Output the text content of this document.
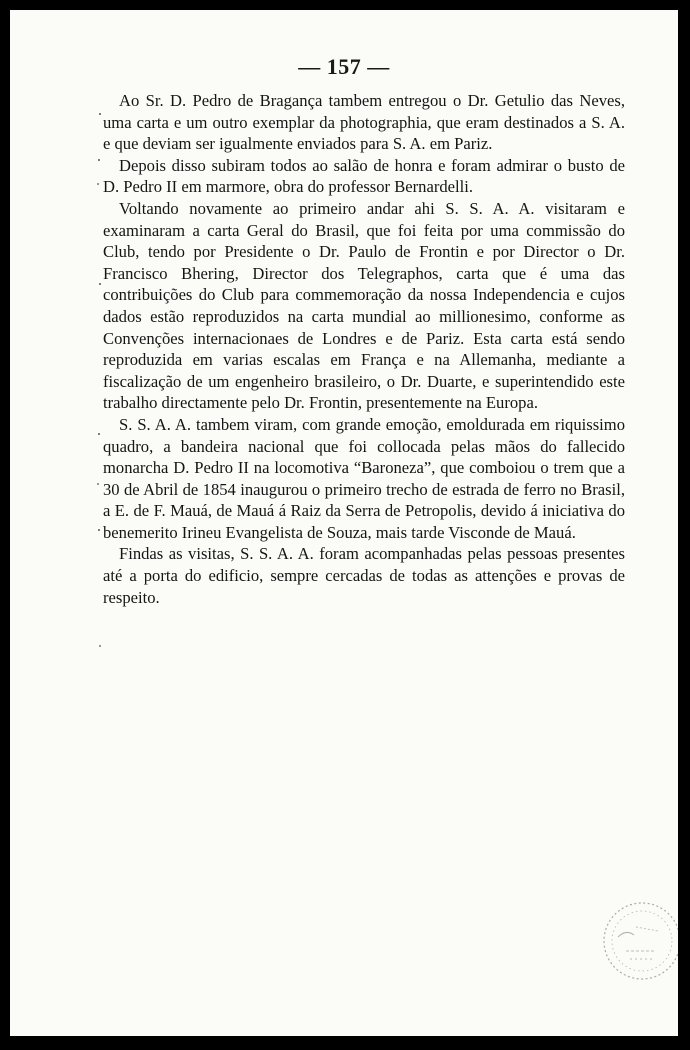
— 157 —

Ao Sr. D. Pedro de Bragança tambem entregou o Dr. Getulio das Neves, uma carta e um outro exemplar da photographia, que eram destinados a S. A. e que deviam ser igualmente enviados para S. A. em Pariz.

Depois disso subiram todos ao salão de honra e foram admirar o busto de D. Pedro II em marmore, obra do professor Bernardelli.

Voltando novamente ao primeiro andar ahi S. S. A. A. visitaram e examinaram a carta Geral do Brasil, que foi feita por uma commissão do Club, tendo por Presidente o Dr. Paulo de Frontin e por Director o Dr. Francisco Bhering, Director dos Telegraphos, carta que é uma das contribuições do Club para commemoração da nossa Independencia e cujos dados estão reproduzidos na carta mundial ao millionesimo, conforme as Convenções internacionaes de Londres e de Pariz. Esta carta está sendo reproduzida em varias escalas em França e na Allemanha, mediante a fiscalização de um engenheiro brasileiro, o Dr. Duarte, e superintendido este trabalho directamente pelo Dr. Frontin, presentemente na Europa.

S. S. A. A. tambem viram, com grande emoção, emoldurada em riquissimo quadro, a bandeira nacional que foi collocada pelas mãos do fallecido monarcha D. Pedro II na locomotiva “Baroneza”, que comboiou o trem que a 30 de Abril de 1854 inaugurou o primeiro trecho de estrada de ferro no Brasil, a E. de F. Mauá, de Mauá á Raiz da Serra de Petropolis, devido á iniciativa do benemerito Irineu Evangelista de Souza, mais tarde Visconde de Mauá.

Findas as visitas, S. S. A. A. foram acompanhadas pelas pessoas presentes até a porta do edificio, sempre cercadas de todas as attenções e provas de respeito.
